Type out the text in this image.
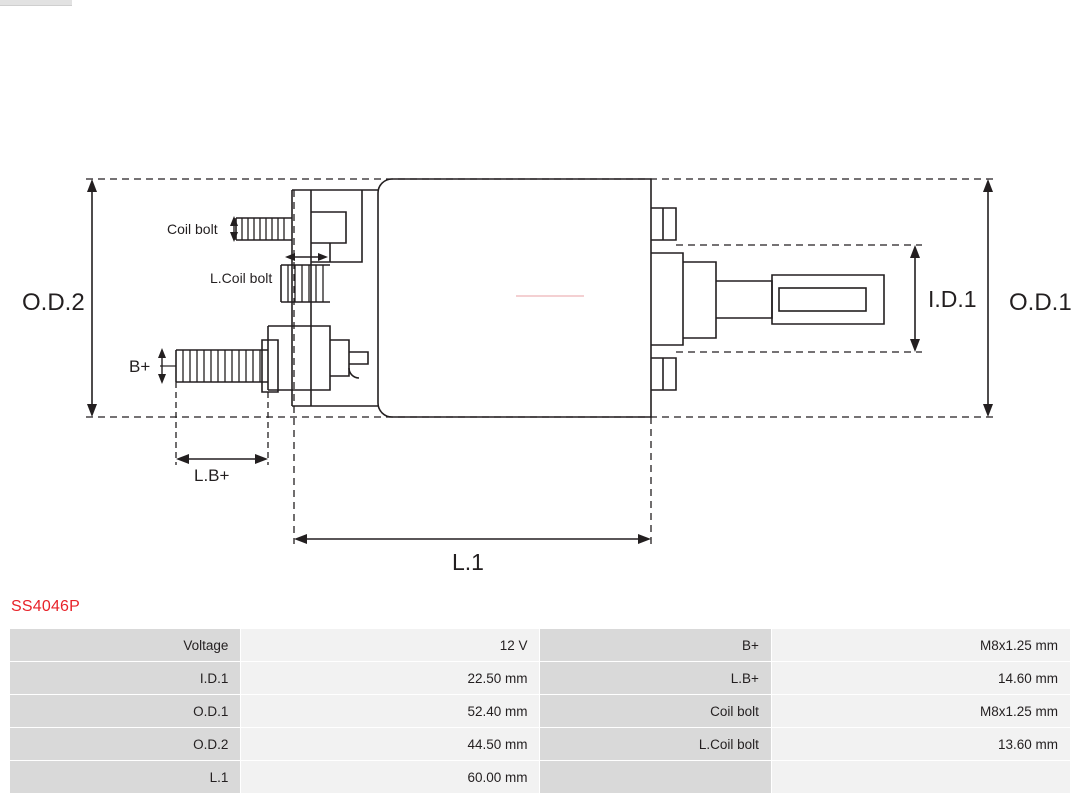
O.D.2	O.D.1
I.D.1
L.1
L.B+
B+
Coil bolt
L.Coil bolt
SS4046P
Voltage	12 V	B+	M8x1.25 mm
I.D.1	22.50 mm	L.B+	14.60 mm
O.D.1	52.40 mm	Coil bolt	M8x1.25 mm
O.D.2	44.50 mm	L.Coil bolt	13.60 mm
L.1	60.00 mm		
